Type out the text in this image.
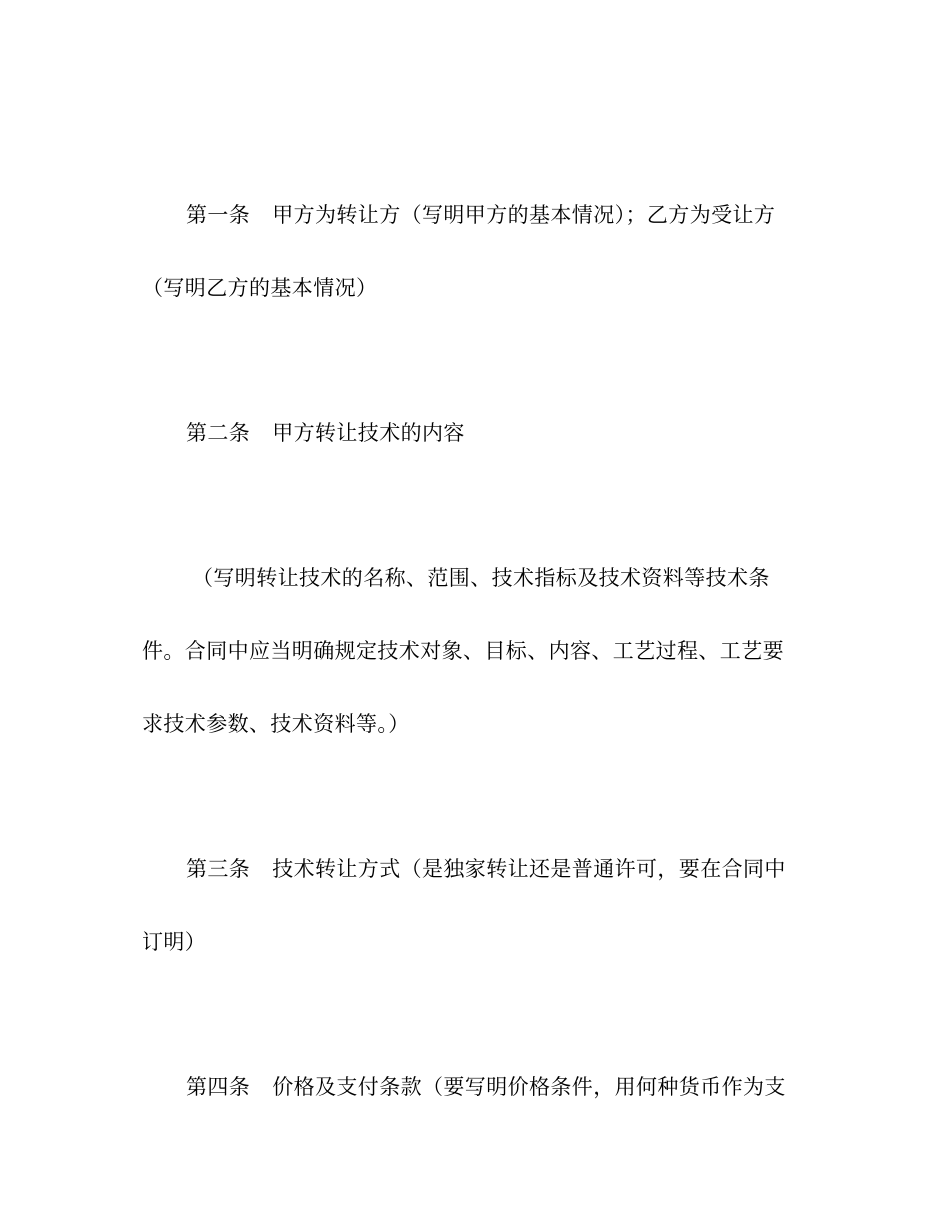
第一条 甲方为转让方（写明甲方的基本情况）；乙方为受让方
（写明乙方的基本情况）
第二条 甲方转让技术的内容
（写明转让技术的名称、范围、技术指标及技术资料等技术条
件。合同中应当明确规定技术对象、目标、内容、工艺过程、工艺要
求技术参数、技术资料等。）
第三条 技术转让方式（是独家转让还是普通许可，要在合同中
订明）
第四条 价格及支付条款（要写明价格条件，用何种货币作为支
